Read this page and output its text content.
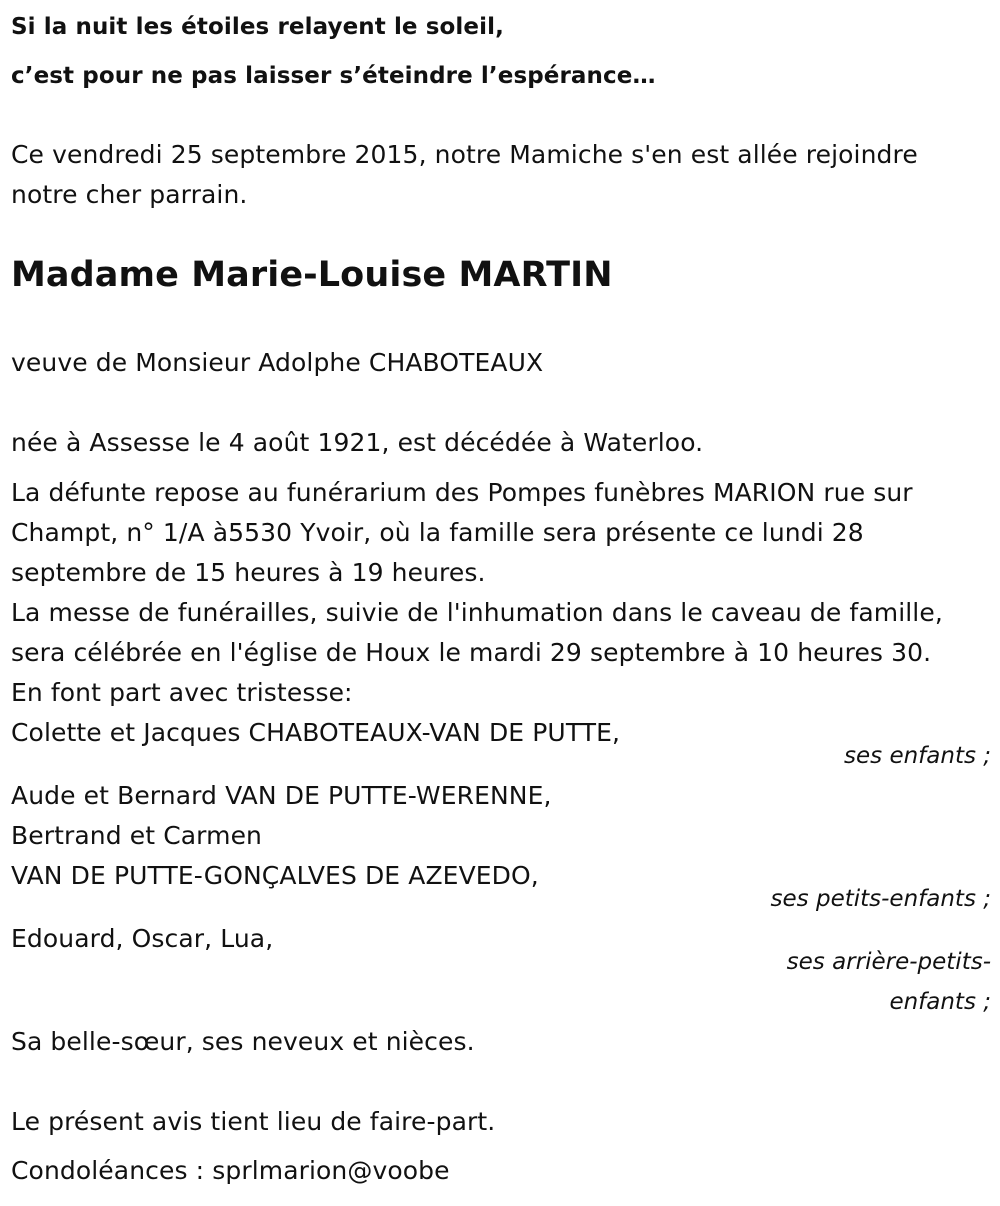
Si la nuit les étoiles relayent le soleil,
c’est pour ne pas laisser s’éteindre l’espérance…
Ce vendredi 25 septembre 2015, notre Mamiche s'en est allée rejoindre
notre cher parrain.
Madame Marie-Louise MARTIN
veuve de Monsieur Adolphe CHABOTEAUX
née à Assesse le 4 août 1921, est décédée à Waterloo.
La défunte repose au funérarium des Pompes funèbres MARION rue sur
Champt, n° 1/A à5530 Yvoir, où la famille sera présente ce lundi 28
septembre de 15 heures à 19 heures.
La messe de funérailles, suivie de l'inhumation dans le caveau de famille,
sera célébrée en l'église de Houx le mardi 29 septembre à 10 heures 30.
En font part avec tristesse:
Colette et Jacques CHABOTEAUX-VAN DE PUTTE,
ses enfants ;
Aude et Bernard VAN DE PUTTE-WERENNE,
Bertrand et Carmen
VAN DE PUTTE-GONÇALVES DE AZEVEDO,
ses petits-enfants ;
Edouard, Oscar, Lua,
ses arrière-petits-
enfants ;
Sa belle-sœur, ses neveux et nièces.
Le présent avis tient lieu de faire-part.
Condoléances : sprlmarion@voobe
